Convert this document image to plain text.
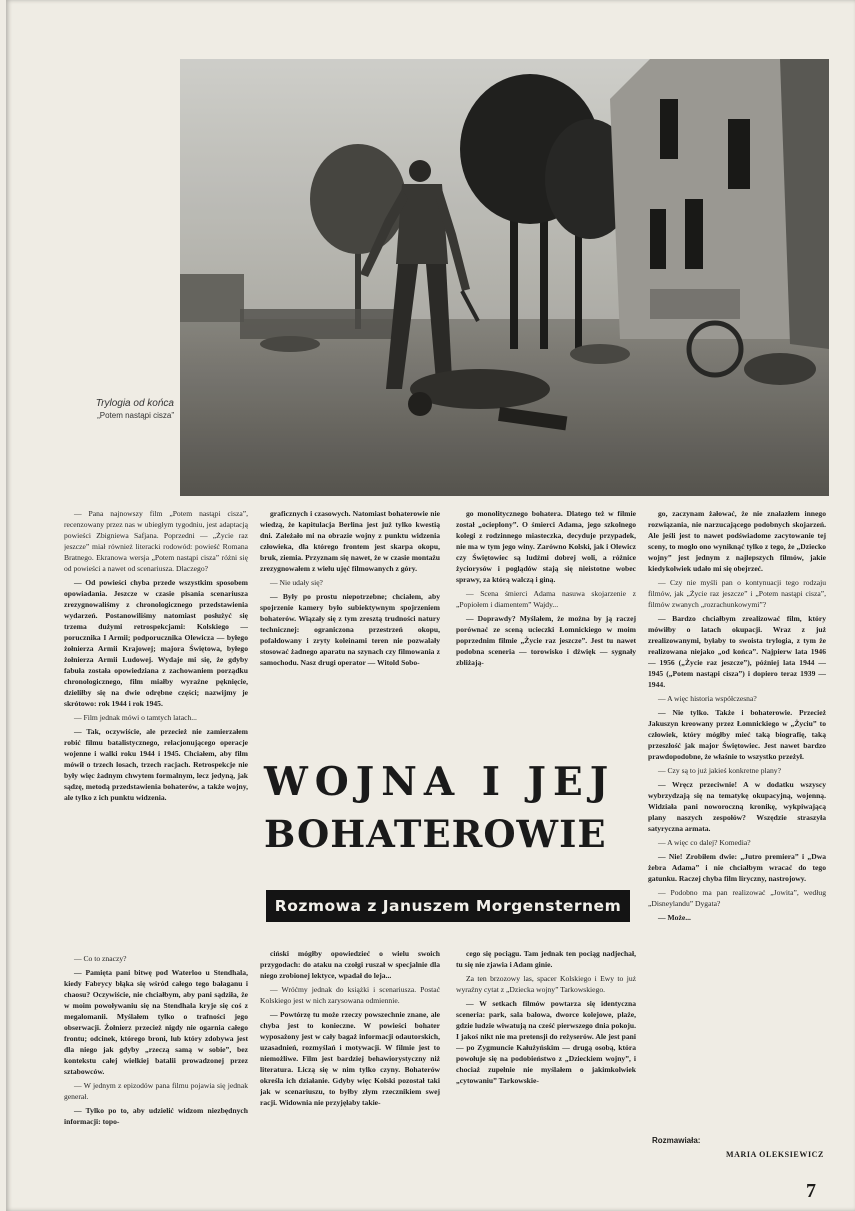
Trylogia od końca
„Potem nastąpi cisza”

— Pana najnowszy film „Potem nastąpi cisza”, recenzowany przez nas w ubiegłym tygodniu, jest adaptacją powieści Zbigniewa Safjana. Poprzedni — „Życie raz jeszcze” miał również literacki rodowód: powieść Romana Bratnego. Ekranowa wersja „Potem nastąpi cisza” różni się od powieści a nawet od scenariusza. Dlaczego?

— Od powieści chyba przede wszystkim sposobem opowiadania. Jeszcze w czasie pisania scenariusza zrezygnowaliśmy z chronologicznego przedstawienia wydarzeń. Postanowiliśmy natomiast posłużyć się trzema dużymi retrospekcjami: Kolskiego — porucznika I Armii; podporucznika Olewicza — byłego żołnierza Armii Krajowej; majora Świętowa, byłego żołnierza Armii Ludowej. Wydaje mi się, że gdyby fabuła została opowiedziana z zachowaniem porządku chronologicznego, film miałby wyraźne pęknięcie, dzieliłby się na dwie odrębne części; nazwijmy je skrótowo: rok 1944 i rok 1945.

— Film jednak mówi o tamtych latach...

— Tak, oczywiście, ale przecież nie zamierzałem robić filmu batalistycznego, relacjonującego operacje wojenne i walki roku 1944 i 1945. Chciałem, aby film mówił o trzech losach, trzech racjach. Retrospekcje nie były więc żadnym chwytem formalnym, lecz jedyną, jak sądzę, metodą przedstawienia bohaterów, a także wojny, ale tylko z ich punktu widzenia.

graficznych i czasowych. Natomiast bohaterowie nie wiedzą, że kapitulacja Berlina jest już tylko kwestią dni. Zależało mi na obrazie wojny z punktu widzenia człowieka, dla którego frontem jest skarpa okopu, bruk, ziemia. Przyznam się nawet, że w czasie montażu zrezygnowałem z wielu ujęć filmowanych z góry.

— Nie udały się?

— Były po prostu niepotrzebne; chciałem, aby spojrzenie kamery było subiektywnym spojrzeniem bohaterów. Wiązały się z tym zresztą trudności natury technicznej: ograniczona przestrzeń okopu, pofałdowany i zryty koleinami teren nie pozwalały stosować żadnego aparatu na szynach czy filmowania z samochodu. Nasz drugi operator — Witold Sobo-

go monolitycznego bohatera. Dlatego też w filmie został „ocieplony”. O śmierci Adama, jego szkolnego kolegi z rodzinnego miasteczka, decyduje przypadek, nie ma w tym jego winy. Zarówno Kolski, jak i Olewicz czy Świętowiec są ludźmi dobrej woli, a różnice życiorysów i poglądów stają się nieistotne wobec sprawy, za którą walczą i giną.

— Scena śmierci Adama nasuwa skojarzenie z „Popiołem i diamentem” Wajdy...

— Doprawdy? Myślałem, że można by ją raczej porównać ze sceną ucieczki Łomnickiego w moim poprzednim filmie „Życie raz jeszcze”. Jest tu nawet podobna sceneria — torowisko i dźwięk — sygnały zbliżają-

go, zaczynam żałować, że nie znalazłem innego rozwiązania, nie narzucającego podobnych skojarzeń. Ale jeśli jest to nawet podświadome zacytowanie tej sceny, to mogło ono wyniknąć tylko z tego, że „Dziecko wojny” jest jednym z najlepszych filmów, jakie kiedykolwiek udało mi się obejrzeć.

— Czy nie myśli pan o kontynuacji tego rodzaju filmów, jak „Życie raz jeszcze” i „Potem nastąpi cisza”, filmów zwanych „rozrachunkowymi”?

— Bardzo chciałbym zrealizować film, który mówiłby o latach okupacji. Wraz z już zrealizowanymi, byłaby to swoista trylogia, z tym że realizowana niejako „od końca”. Najpierw lata 1946 — 1956 („Życie raz jeszcze”), później lata 1944 — 1945 („Potem nastąpi cisza”) i dopiero teraz 1939 — 1944.

— A więc historia współczesna?

— Nie tylko. Także i bohaterowie. Przecież Jakuszyn kreowany przez Łomnickiego w „Życiu” to człowiek, który mógłby mieć taką biografię, taką przeszłość jak major Świętowiec. Jest nawet bardzo prawdopodobne, że właśnie to wszystko przeżył.

— Czy są to już jakieś konkretne plany?

— Wręcz przeciwnie! A w dodatku wszyscy wybrzydzają się na tematykę okupacyjną, wojenną. Widziała pani noworoczną kronikę, wykpiwającą plany naszych zespołów? Wszędzie straszyła satyryczna armata.

— A więc co dalej? Komedia?

— Nie! Zrobiłem dwie: „Jutro premiera” i „Dwa żebra Adama” i nie chciałbym wracać do tego gatunku. Raczej chyba film liryczny, nastrojowy.

— Podobno ma pan realizować „Jowita”, według „Disneylandu” Dygata?

— Może...

WOJNA I JEJ
BOHATEROWIE
Rozmowa z Januszem Morgensternem

— Co to znaczy?

— Pamięta pani bitwę pod Waterloo u Stendhala, kiedy Fabrycy błąka się wśród całego tego bałaganu i chaosu? Oczywiście, nie chciałbym, aby pani sądziła, że w moim powoływaniu się na Stendhala kryje się coś z megalomanii. Myślałem tylko o trafności jego obserwacji. Żołnierz przecież nigdy nie ogarnia całego frontu; odcinek, którego broni, lub który zdobywa jest dla niego jak gdyby „rzeczą samą w sobie”, bez kontekstu całej wielkiej batalii prowadzonej przez sztabowców.

— W jednym z epizodów pana filmu pojawia się jednak generał.

— Tylko po to, aby udzielić widzom niezbędnych informacji: topo-

ciński mógłby opowiedzieć o wielu swoich przygodach: do ataku na czołgi ruszał w specjalnie dla niego zrobionej lektyce, wpadał do leja...

— Wróćmy jednak do książki i scenariusza. Postać Kolskiego jest w nich zarysowana odmiennie.

— Powtórzę tu może rzeczy powszechnie znane, ale chyba jest to konieczne. W powieści bohater wyposażony jest w cały bagaż informacji odautorskich, uzasadnień, rozmyślań i motywacji. W filmie jest to niemożliwe. Film jest bardziej behawiorystyczny niż literatura. Liczą się w nim tylko czyny. Bohaterów określa ich działanie. Gdyby więc Kolski pozostał taki jak w scenariuszu, to byłby złym rzecznikiem swej racji. Widownia nie przyjęłaby takie-

cego się pociągu. Tam jednak ten pociąg nadjechał, tu się nie zjawia i Adam ginie.

Za ten brzozowy las, spacer Kolskiego i Ewy to już wyraźny cytat z „Dziecka wojny” Tarkowskiego.

— W setkach filmów powtarza się identyczna sceneria: park, sala balowa, dworce kolejowe, plaże, gdzie ludzie wiwatują na cześć pierwszego dnia pokoju. I jakoś nikt nie ma pretensji do reżyserów. Ale jest pani — po Zygmuncie Kałużyńskim — drugą osobą, która powołuje się na podobieństwo z „Dzieckiem wojny”, i chociaż zupełnie nie myślałem o jakimkolwiek „cytowaniu” Tarkowskie-

Rozmawiała:
MARIA OLEKSIEWICZ
7
